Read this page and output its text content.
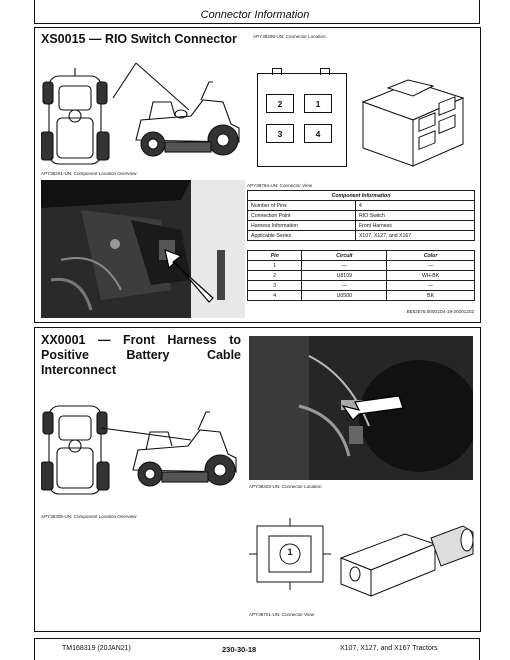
Connector Information
XS0015 — RIO Switch Connector
APY38291-UN: Component Location Overview
APY38299-UN: Connector Location
2	1
3	4
APY38754-UN: Connector View
Component Information	
Number of Pins	4
Connection Point	RIO Switch
Harness Information	Front Harness
Applicable Series	X107, X127, and X167
Pin	Circuit	Color
1	—	—
2	U8109	WH-BK
3	—	—
4	U0500	BK
BE62576,00001D4-19-20201202
XX0001 — Front Harness to Positive Battery Cable Interconnect
APY38305-UN: Component Location Overview
APY38303-UN: Connector Location
1
APY38751-UN: Connector View
TM168319 (20JAN21)	230-30-18	X107, X127, and X167 Tractors
